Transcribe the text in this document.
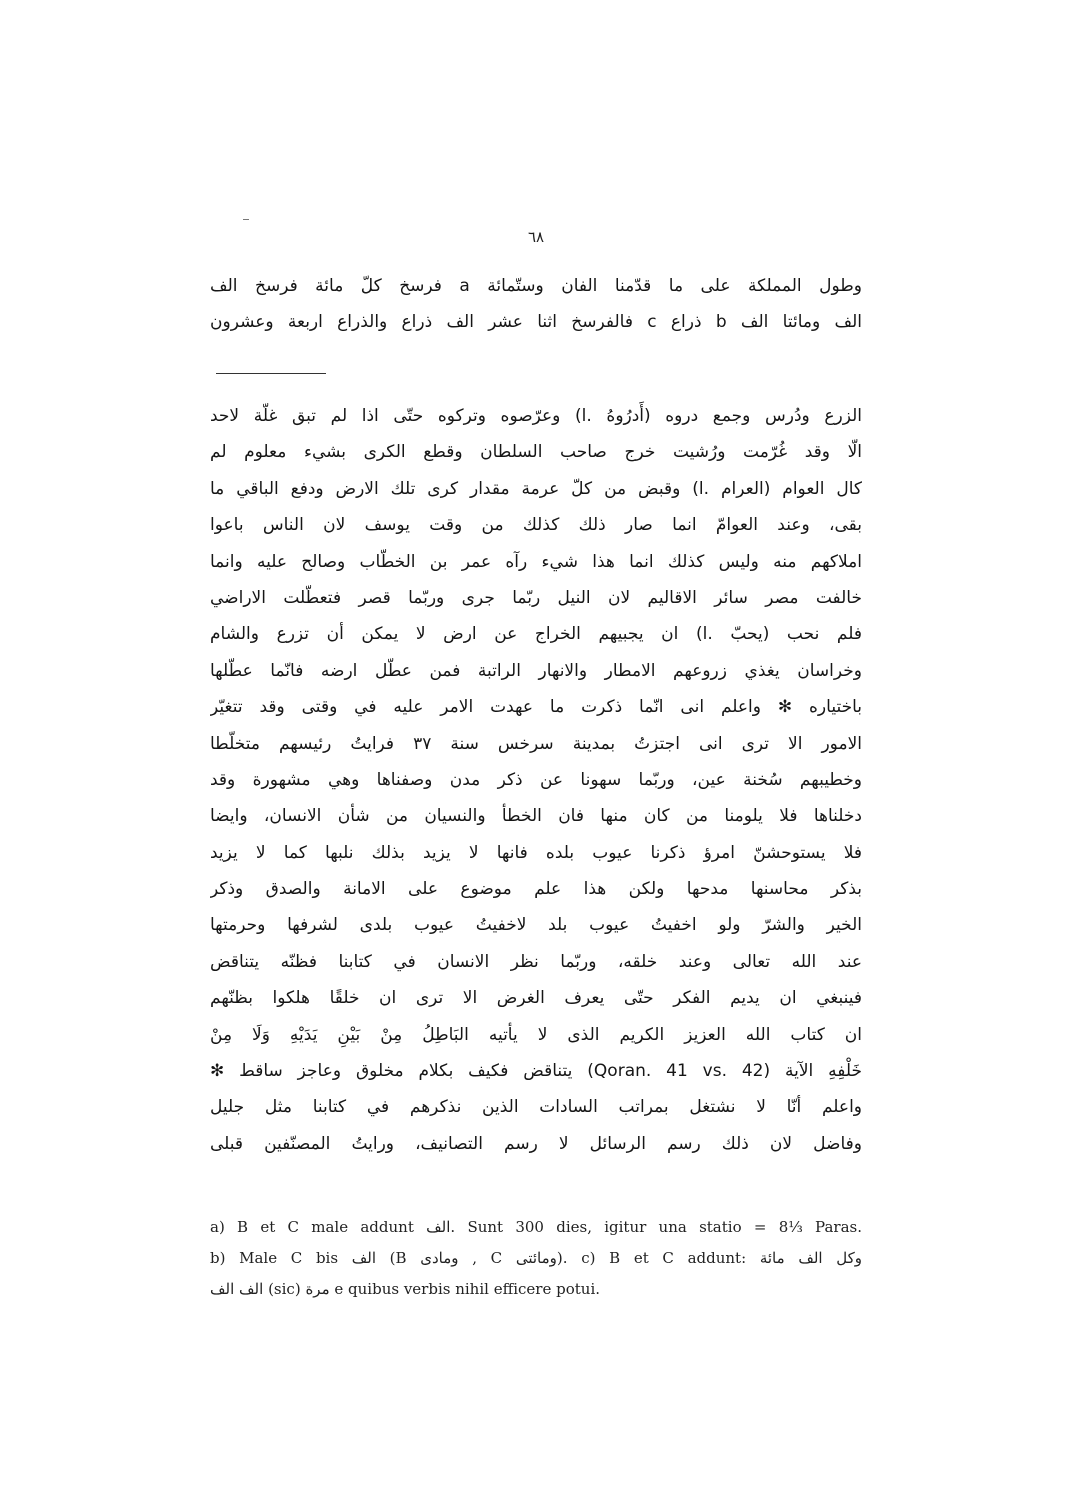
٦٨
وطول المملكة على ما قدّمنا الفان وستّمائة a فرسخ كلّ مائة فرسخ الف
الف ومائتا الف b ذراع c فالفرسخ اثنا عشر الف ذراع والذراع اربعة وعشرون
الزرع ودُرس وجمع دروه (أَدرُوهُ .l) وعرّصوه وتركوه حتّى اذا لم تبق غلّة لاحد
الّا وقد غُرّمت ورُشيت خرج صاحب السلطان وقطع الكرى بشيء معلوم لم
كال العوام (العرام .l) وقبض من كلّ عرمة مقدار كرى تلك الارض ودفع الباقي ما
بقى، وعند العوامّ انما صار ذلك كذلك من وقت يوسف لان الناس باعوا
املاكهم منه وليس كذلك انما هذا شيء رآه عمر بن الخطّاب وصالح عليه وانما
خالفت مصر سائر الاقاليم لان النيل ربّما جرى وربّما قصر فتعطّلت الاراضي
فلم نحب (يحبّ .l) ان يجبيهم الخراج عن ارض لا يمكن أن تزرع والشام
وخراسان يغذي زروعهم الامطار والانهار الراتبة فمن عطّل ارضه فانّما عطّلها
باختياره ✻ واعلم انى انّما ذكرت ما عهدت الامر عليه في وقتى وقد تتغيّر
الامور الا ترى انى اجتزتُ بمدينة سرخس سنة ٣٧ فرايتُ رئيسهم متخلّطا
وخطيبهم سُخنة عين، وربّما سهونا عن ذكر مدن وصفناها وهي مشهورة وقد
دخلناها فلا يلومنا من كان منها فان الخطأ والنسيان من شأن الانسان، وايضا
فلا يستوحشنّ امرؤ ذكرنا عيوب بلده فانها لا يزيد بذلك نلبها كما لا يزيد
بذكر محاسنها مدحها ولكن هذا علم موضوع على الامانة والصدق وذكر
الخير والشرّ ولو اخفيتُ عيوب بلد لاخفيتُ عيوب بلدى لشرفها وحرمتها
عند الله تعالى وعند خلقه، وربّما نظر الانسان في كتابنا فظنّه يتناقض
فينبغي ان يديم الفكر حتّى يعرف الغرض الا ترى ان خلقًا هلكوا بظنّهم
ان كتاب الله العزيز الكريم الذى لا يأتيه البَاطِلُ مِنْ بَيْنِ يَدَيْهِ وَلَا مِنْ
خَلْفِهِ الآية (Qoran. 41 vs. 42) يتناقض فكيف بكلام مخلوق وعاجز ساقط ✻
واعلم أنّا لا نشتغل بمراتب السادات الذين نذكرهم في كتابنا مثل جليل
وفاضل لان ذلك رسم الرسائل لا رسم التصانيف، ورايتُ المصنّفين قبلى
a) B et C male addunt الف. Sunt 300 dies, igitur una statio = 8⅓ Paras.
b) Male C bis الف (B ومادى , C ومائتى). c) B et C addunt: وكل الف مائة
الف الف (sic) مرة e quibus verbis nihil efficere potui.
